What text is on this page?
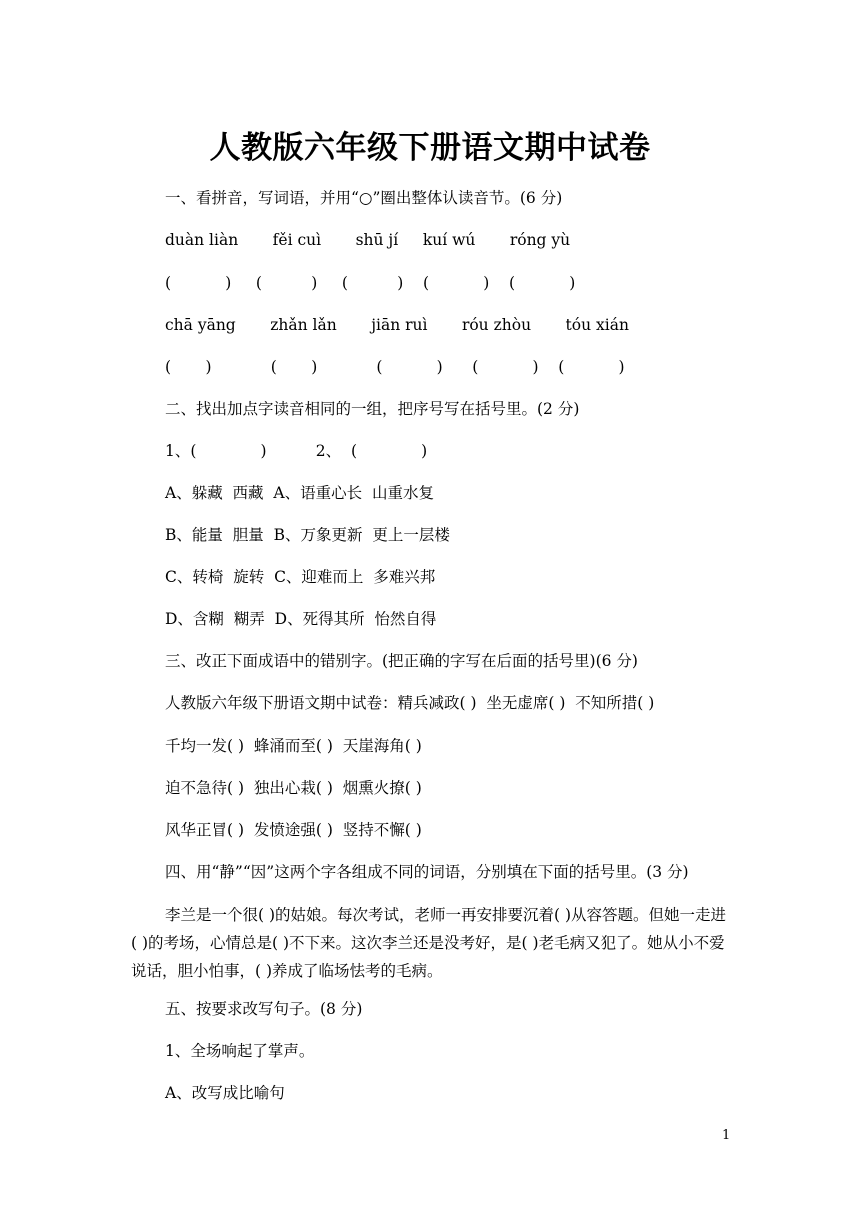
人教版六年级下册语文期中试卷
一、看拼音，写词语，并用“○”圈出整体认读音节。(6 分)
duàn liàn       fěi cuì       shū jí     kuí wú       róng yù
(           )     (          )     (          )    (           )    (           )
chā yāng       zhǎn lǎn       jiān ruì       róu zhòu       tóu xián
(       )            (       )            (           )      (           )    (           )
二、找出加点字读音相同的一组，把序号写在括号里。(2 分)
1、(             )          2、  (             )
A、躲藏  西藏  A、语重心长  山重水复
B、能量  胆量  B、万象更新  更上一层楼
C、转椅  旋转  C、迎难而上  多难兴邦
D、含糊  糊弄  D、死得其所  怡然自得
三、改正下面成语中的错别字。(把正确的字写在后面的括号里)(6 分)
人教版六年级下册语文期中试卷：精兵减政( )  坐无虚席( )  不知所措( )
千均一发( )  蜂涌而至( )  天崖海角( )
迫不急待( )  独出心栽( )  烟熏火撩( )
风华正冒( )  发愤途强( )  竖持不懈( )
四、用“静”“因”这两个字各组成不同的词语，分别填在下面的括号里。(3 分)
李兰是一个很( )的姑娘。每次考试，老师一再安排要沉着( )从容答题。但她一走进( )的考场，心情总是( )不下来。这次李兰还是没考好，是( )老毛病又犯了。她从小不爱说话，胆小怕事，( )养成了临场怯考的毛病。
五、按要求改写句子。(8 分)
1、全场响起了掌声。
A、改写成比喻句
1
